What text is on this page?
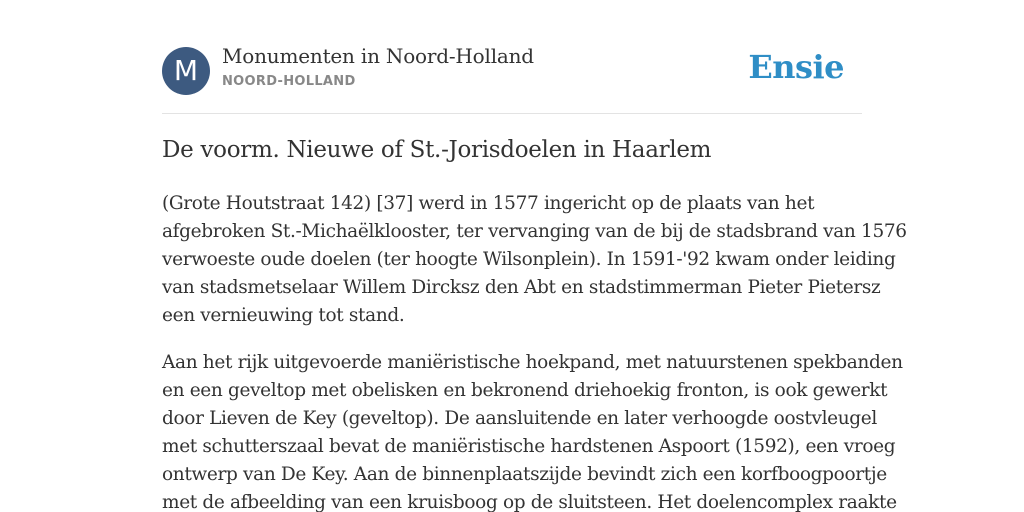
M	Monumenten in Noord-Holland
NOORD-HOLLAND	Ensie
De voorm. Nieuwe of St.-Jorisdoelen in Haarlem

(Grote Houtstraat 142) [37] werd in 1577 ingericht op de plaats van het
afgebroken St.-Michaëlklooster, ter vervanging van de bij de stadsbrand van 1576
verwoeste oude doelen (ter hoogte Wilsonplein). In 1591-'92 kwam onder leiding
van stadsmetselaar Willem Dircksz den Abt en stadstimmerman Pieter Pietersz
een vernieuwing tot stand.

Aan het rijk uitgevoerde maniëristische hoekpand, met natuurstenen spekbanden
en een geveltop met obelisken en bekronend driehoekig fronton, is ook gewerkt
door Lieven de Key (geveltop). De aansluitende en later verhoogde oostvleugel
met schutterszaal bevat de maniëristische hardstenen Aspoort (1592), een vroeg
ontwerp van De Key. Aan de binnenplaatszijde bevindt zich een korfboogpoortje
met de afbeelding van een kruisboog op de sluitsteen. Het doelencomplex raakte
